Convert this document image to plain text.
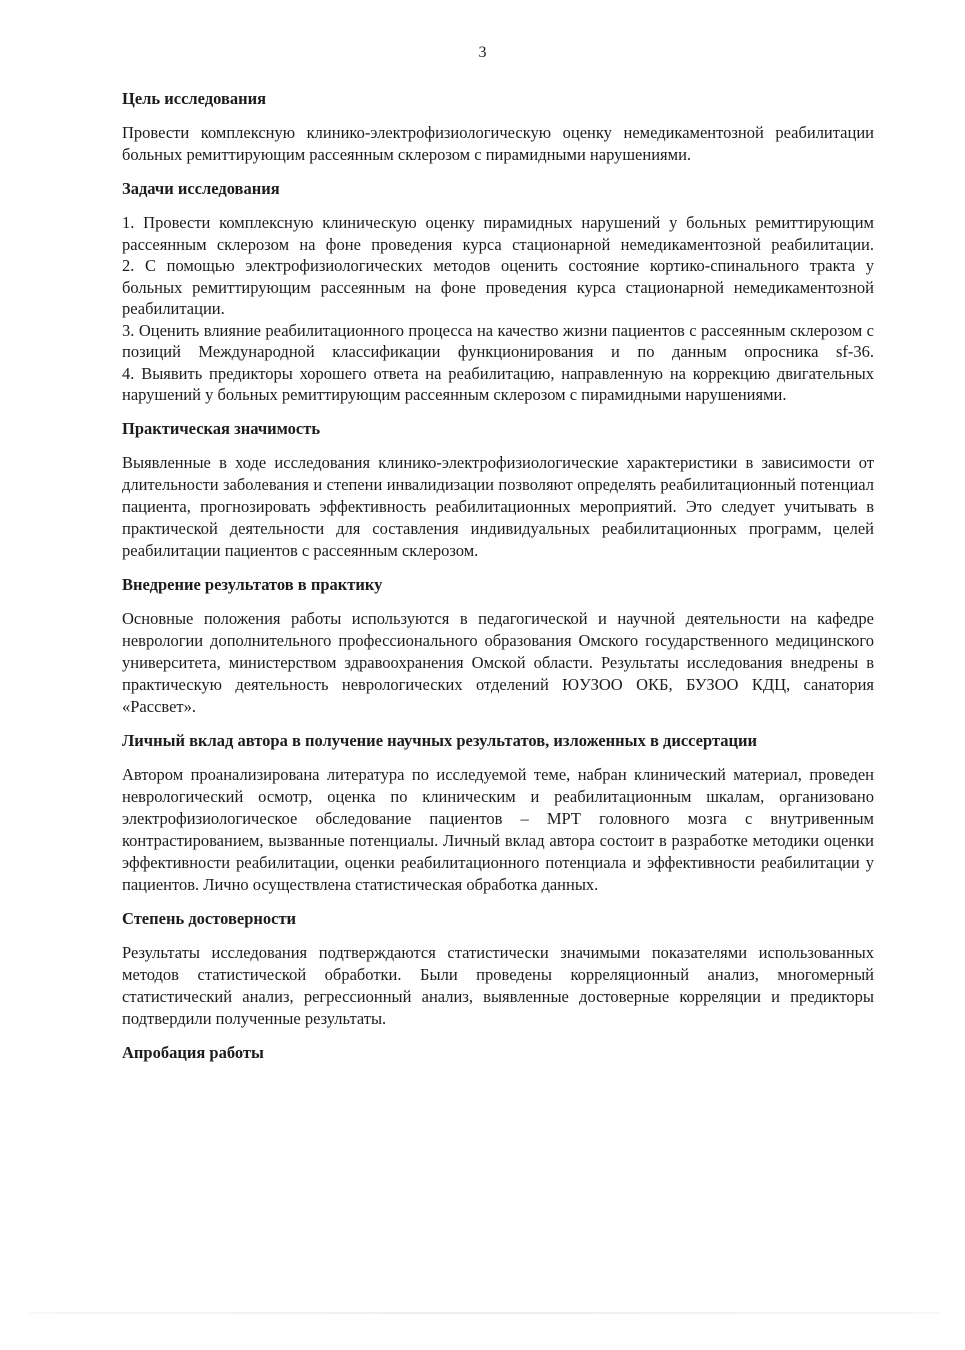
3
Цель исследования

Провести комплексную клинико-электрофизиологическую оценку немедикаментозной реабилитации больных ремиттирующим рассеянным склерозом с пирамидными нарушениями.

Задачи исследования

1. Провести комплексную клиническую оценку пирамидных нарушений у больных ремиттирующим рассеянным склерозом на фоне проведения курса стационарной немедикаментозной реабилитации.

2. С помощью электрофизиологических методов оценить состояние кортико-спинального тракта у больных ремиттирующим рассеянным на фоне проведения курса стационарной немедикаментозной реабилитации.

3. Оценить влияние реабилитационного процесса на качество жизни пациентов с рассеянным склерозом с позиций Международной классификации функционирования и по данным опросника sf-36.

4. Выявить предикторы хорошего ответа на реабилитацию, направленную на коррекцию двигательных нарушений у больных ремиттирующим рассеянным склерозом с пирамидными нарушениями.

Практическая значимость

Выявленные в ходе исследования клинико-электрофизиологические характеристики в зависимости от длительности заболевания и степени инвалидизации позволяют определять реабилитационный потенциал пациента, прогнозировать эффективность реабилитационных мероприятий. Это следует учитывать в практической деятельности для составления индивидуальных реабилитационных программ, целей реабилитации пациентов с рассеянным склерозом.

Внедрение результатов в практику

Основные положения работы используются в педагогической и научной деятельности на кафедре неврологии дополнительного профессионального образования Омского государственного медицинского университета, министерством здравоохранения Омской области. Результаты исследования внедрены в практическую деятельность неврологических отделений ЮУЗОО ОКБ, БУЗОО КДЦ, санатория «Рассвет».

Личный вклад автора в получение научных результатов, изложенных в диссертации

Автором проанализирована литература по исследуемой теме, набран клинический материал, проведен неврологический осмотр, оценка по клиническим и реабилитационным шкалам, организовано электрофизиологическое обследование пациентов – МРТ головного мозга с внутривенным контрастированием, вызванные потенциалы. Личный вклад автора состоит в разработке методики оценки эффективности реабилитации, оценки реабилитационного потенциала и эффективности реабилитации у пациентов. Лично осуществлена статистическая обработка данных.

Степень достоверности

Результаты исследования подтверждаются статистически значимыми показателями использованных методов статистической обработки. Были проведены корреляционный анализ, многомерный статистический анализ, регрессионный анализ, выявленные достоверные корреляции и предикторы подтвердили полученные результаты.

Апробация работы
